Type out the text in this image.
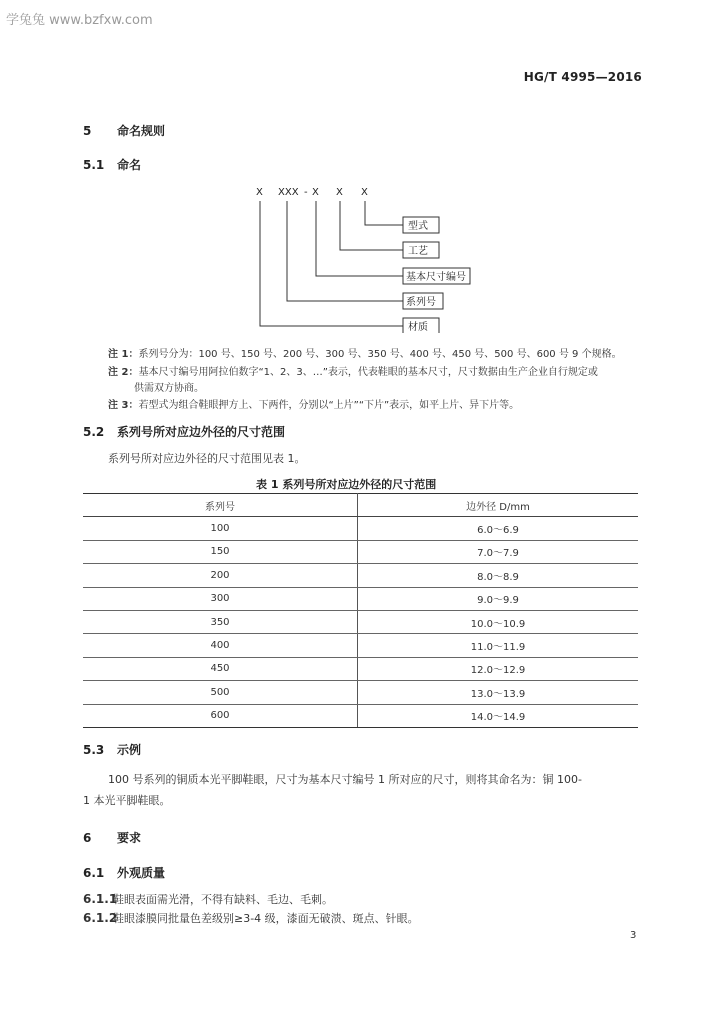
学兔兔 www.bzfxw.com
HG/T 4995—2016
5 命名规则
5.1 命名
X XXX - X X X
型式
工艺
基本尺寸编号
系列号
材质
注 1：系列号分为：100 号、150 号、200 号、300 号、350 号、400 号、450 号、500 号、600 号 9 个规格。
注 2：基本尺寸编号用阿拉伯数字“1、2、3、…”表示，代表鞋眼的基本尺寸，尺寸数据由生产企业自行规定或
供需双方协商。
注 3：若型式为组合鞋眼押方上、下两件，分别以“上片”“下片”表示，如平上片、异下片等。
5.2 系列号所对应边外径的尺寸范围
系列号所对应边外径的尺寸范围见表 1。
表 1 系列号所对应边外径的尺寸范围
系列号	边外径 D/mm
100	6.0～6.9
150	7.0～7.9
200	8.0～8.9
300	9.0～9.9
350	10.0～10.9
400	11.0～11.9
450	12.0～12.9
500	13.0～13.9
600	14.0～14.9
5.3 示例
100 号系列的铜质本光平脚鞋眼，尺寸为基本尺寸编号 1 所对应的尺寸，则将其命名为：铜 100-
1 本光平脚鞋眼。
6 要求
6.1 外观质量
6.1.1鞋眼表面需光滑，不得有缺料、毛边、毛刺。
6.1.2鞋眼漆膜同批量色差级别≥3-4 级，漆面无破溃、斑点、针眼。
3
